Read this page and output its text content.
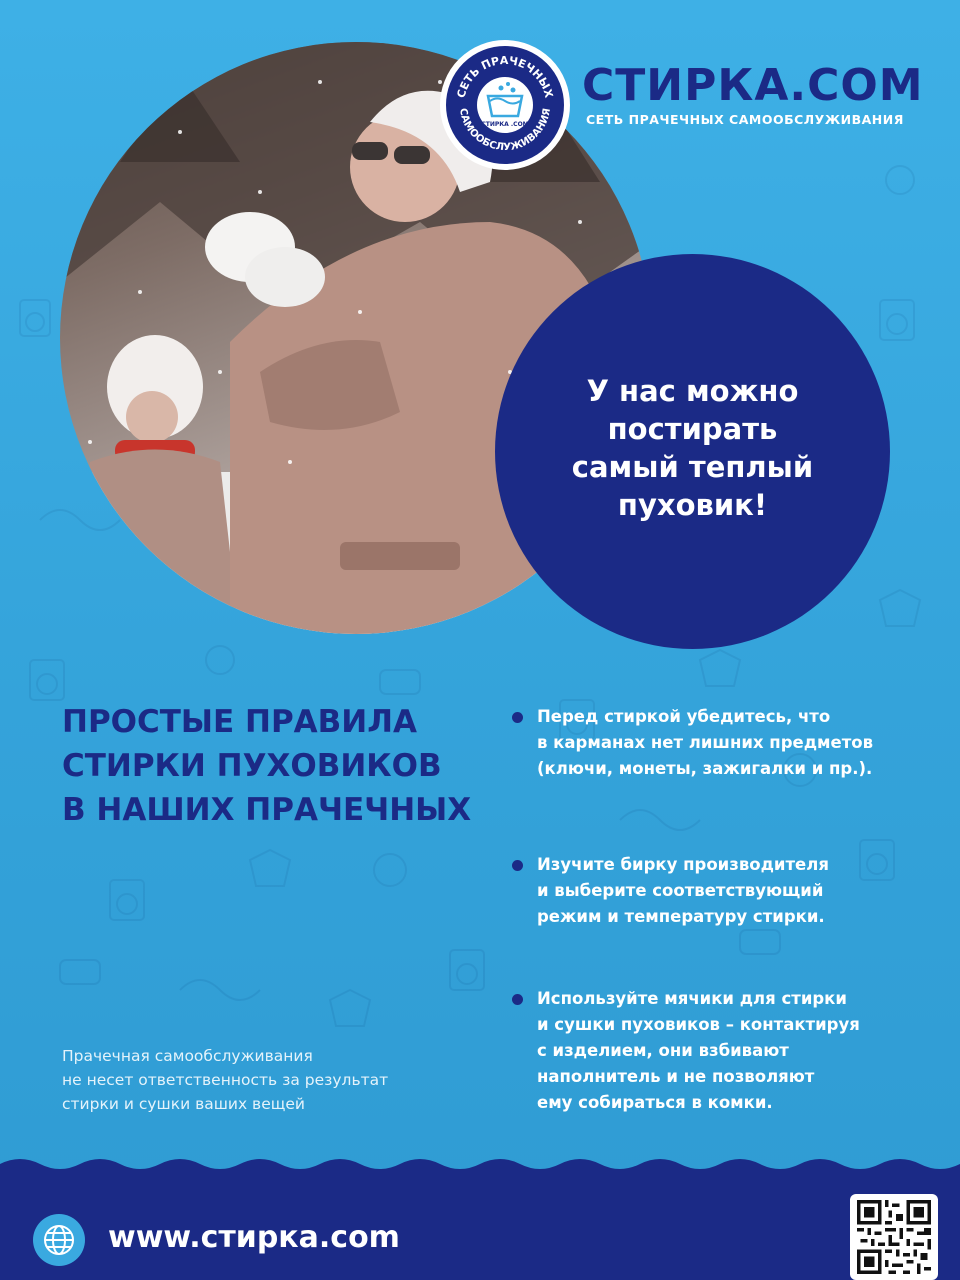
СЕТЬ ПРАЧЕЧНЫХ
САМООБСЛУЖИВАНИЯ
СТИРКА .COM
СТИРКА.СОМ
СЕТЬ ПРАЧЕЧНЫХ САМООБСЛУЖИВАНИЯ
У нас можно
постирать
самый теплый
пуховик!
ПРОСТЫЕ ПРАВИЛА
СТИРКИ ПУХОВИКОВ
В НАШИХ ПРАЧЕЧНЫХ
Перед стиркой убедитесь, что
в карманах нет лишних предметов
(ключи, монеты, зажигалки и пр.).
Изучите бирку производителя
и выберите соответствующий
режим и температуру стирки.
Используйте мячики для стирки
и сушки пуховиков – контактируя
с изделием, они взбивают
наполнитель и не позволяют
ему собираться в комки.
Прачечная самообслуживания
не несет ответственность за результат
стирки и сушки ваших вещей
www.стирка.com
